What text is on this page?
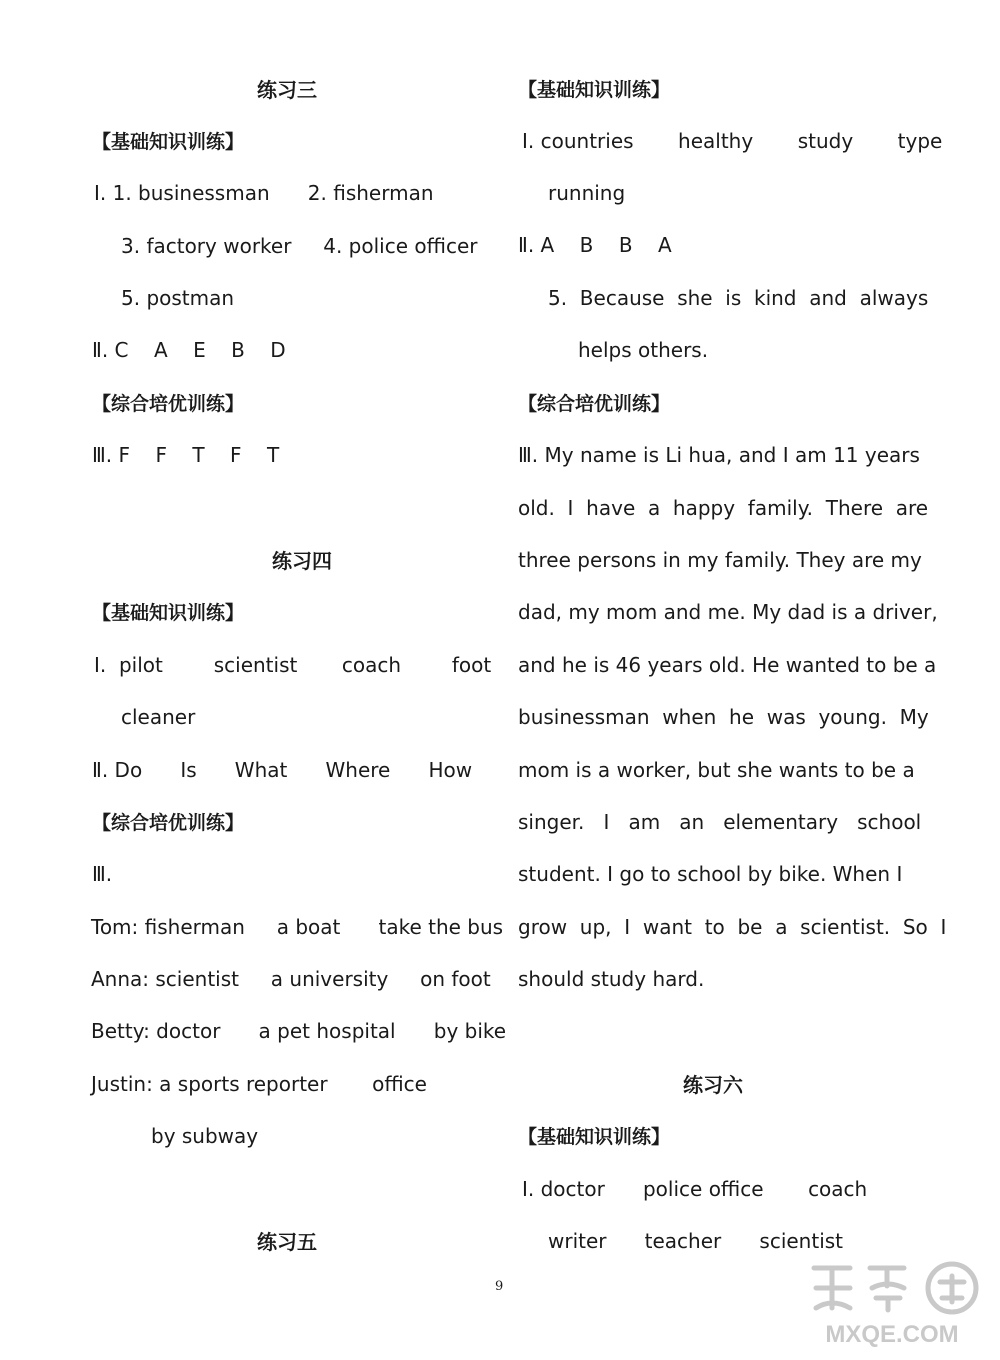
练习三
【基础知识训练】
Ⅰ. 1. businessman      2. fisherman
3. factory worker     4. police officer
5. postman
Ⅱ. C    A    E    B    D
【综合培优训练】
Ⅲ. F    F    T    F    T
练习四
【基础知识训练】
Ⅰ.  pilot        scientist       coach        foot
cleaner
Ⅱ. Do      Is      What      Where      How
【综合培优训练】
Ⅲ.
Tom: fisherman     a boat      take the bus
Anna: scientist     a university     on foot
Betty: doctor      a pet hospital      by bike
Justin: a sports reporter       office
by subway
练习五
【基础知识训练】
Ⅰ. countries       healthy       study       type
running
Ⅱ. A    B    B    A
5.  Because  she  is  kind  and  always
helps others.
【综合培优训练】
Ⅲ. My name is Li hua, and I am 11 years
old.  I  have  a  happy  family.  There  are
three persons in my family. They are my
dad, my mom and me. My dad is a driver,
and he is 46 years old. He wanted to be a
businessman  when  he  was  young.  My
mom is a worker, but she wants to be a
singer.   I   am   an   elementary   school
student. I go to school by bike. When I
grow  up,  I  want  to  be  a  scientist.  So  I
should study hard.
练习六
【基础知识训练】
Ⅰ. doctor      police office       coach
writer      teacher      scientist
9
MXQE.COM
